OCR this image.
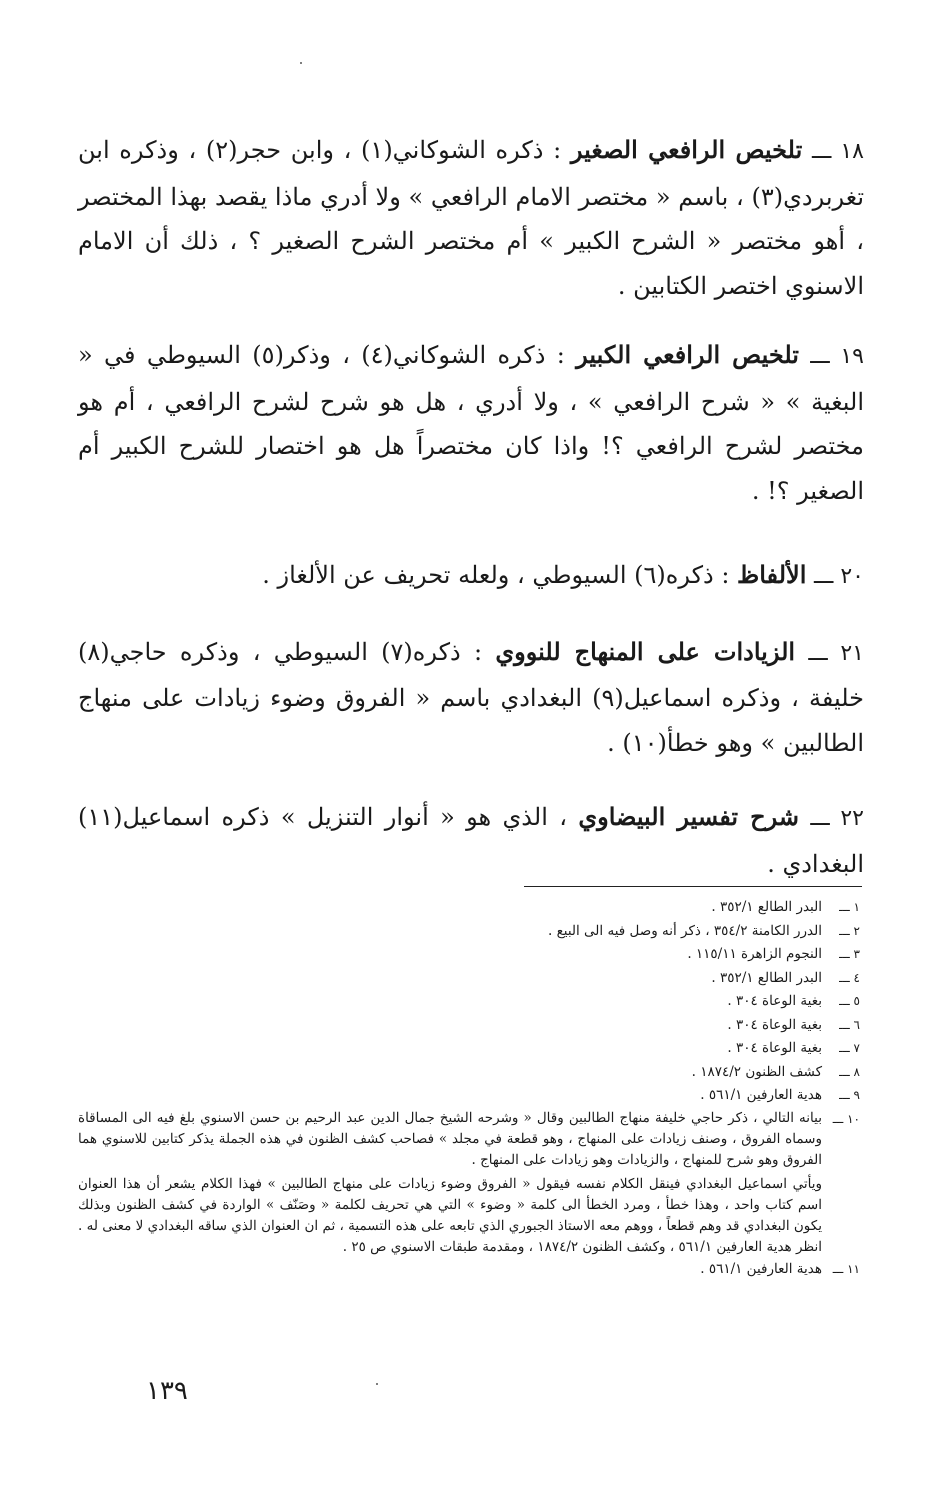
١٨ ـــ تلخيص الرافعي الصغير : ذكره الشوكاني(١) ، وابن حجر(٢) ، وذكره ابن تغربردي(٣) ، باسم « مختصر الامام الرافعي » ولا أدري ماذا يقصد بهذا المختصر ، أهو مختصر « الشرح الكبير » أم مختصر الشرح الصغير ؟ ، ذلك أن الامام الاسنوي اختصر الكتابين .

١٩ ـــ تلخيص الرافعي الكبير : ذكره الشوكاني(٤) ، وذكر(٥) السيوطي في « البغية » « شرح الرافعي » ، ولا أدري ، هل هو شرح لشرح الرافعي ، أم هو مختصر لشرح الرافعي ؟! واذا كان مختصراً هل هو اختصار للشرح الكبير أم الصغير ؟! .

٢٠ ـــ الألفاظ : ذكره(٦) السيوطي ، ولعله تحريف عن الألغاز .

٢١ ـــ الزيادات على المنهاج للنووي : ذكره(٧) السيوطي ، وذكره حاجي(٨) خليفة ، وذكره اسماعيل(٩) البغدادي باسم « الفروق وضوء زيادات على منهاج الطالبين » وهو خطأ(١٠) .

٢٢ ـــ شرح تفسير البيضاوي ، الذي هو « أنوار التنزيل » ذكره اسماعيل(١١) البغدادي .

١ ـــ
البدر الطالع ٣٥٢/١ .
٢ ـــ
الدرر الكامنة ٣٥٤/٢ ، ذكر أنه وصل فيه الى البيع .
٣ ـــ
النجوم الزاهرة ١١٥/١١ .
٤ ـــ
البدر الطالع ٣٥٢/١ .
٥ ـــ
بغية الوعاة ٣٠٤ .
٦ ـــ
بغية الوعاة ٣٠٤ .
٧ ـــ
بغية الوعاة ٣٠٤ .
٨ ـــ
كشف الظنون ١٨٧٤/٢ .
٩ ـــ
هدية العارفين ٥٦١/١ .
١٠ ـــ
بيانه التالي ، ذكر حاجي خليفة منهاج الطالبين وقال « وشرحه الشيخ جمال الدين عبد الرحيم بن حسن الاسنوي بلغ فيه الى المساقاة وسماه الفروق ، وصنف زيادات على المنهاج ، وهو قطعة في مجلد » فصاحب كشف الظنون في هذه الجملة يذكر كتابين للاسنوي هما الفروق وهو شرح للمنهاج ، والزيادات وهو زيادات على المنهاج .
ويأتي اسماعيل البغدادي فينقل الكلام نفسه فيقول « الفروق وضوء زيادات على منهاج الطالبين » فهذا الكلام يشعر أن هذا العنوان اسم كتاب واحد ، وهذا خطأ ، ومرد الخطأ الى كلمة « وضوء » التي هي تحريف لكلمة « وصَنّف » الواردة في كشف الظنون وبذلك يكون البغدادي قد وهم قطعاً ، ووهم معه الاستاذ الجبوري الذي تابعه على هذه التسمية ، ثم ان العنوان الذي ساقه البغدادي لا معنى له . انظر هدية العارفين ٥٦١/١ ، وكشف الظنون ١٨٧٤/٢ ، ومقدمة طبقات الاسنوي ص ٢٥ .
١١ ـــ
هدية العارفين ٥٦١/١ .
١٣٩
